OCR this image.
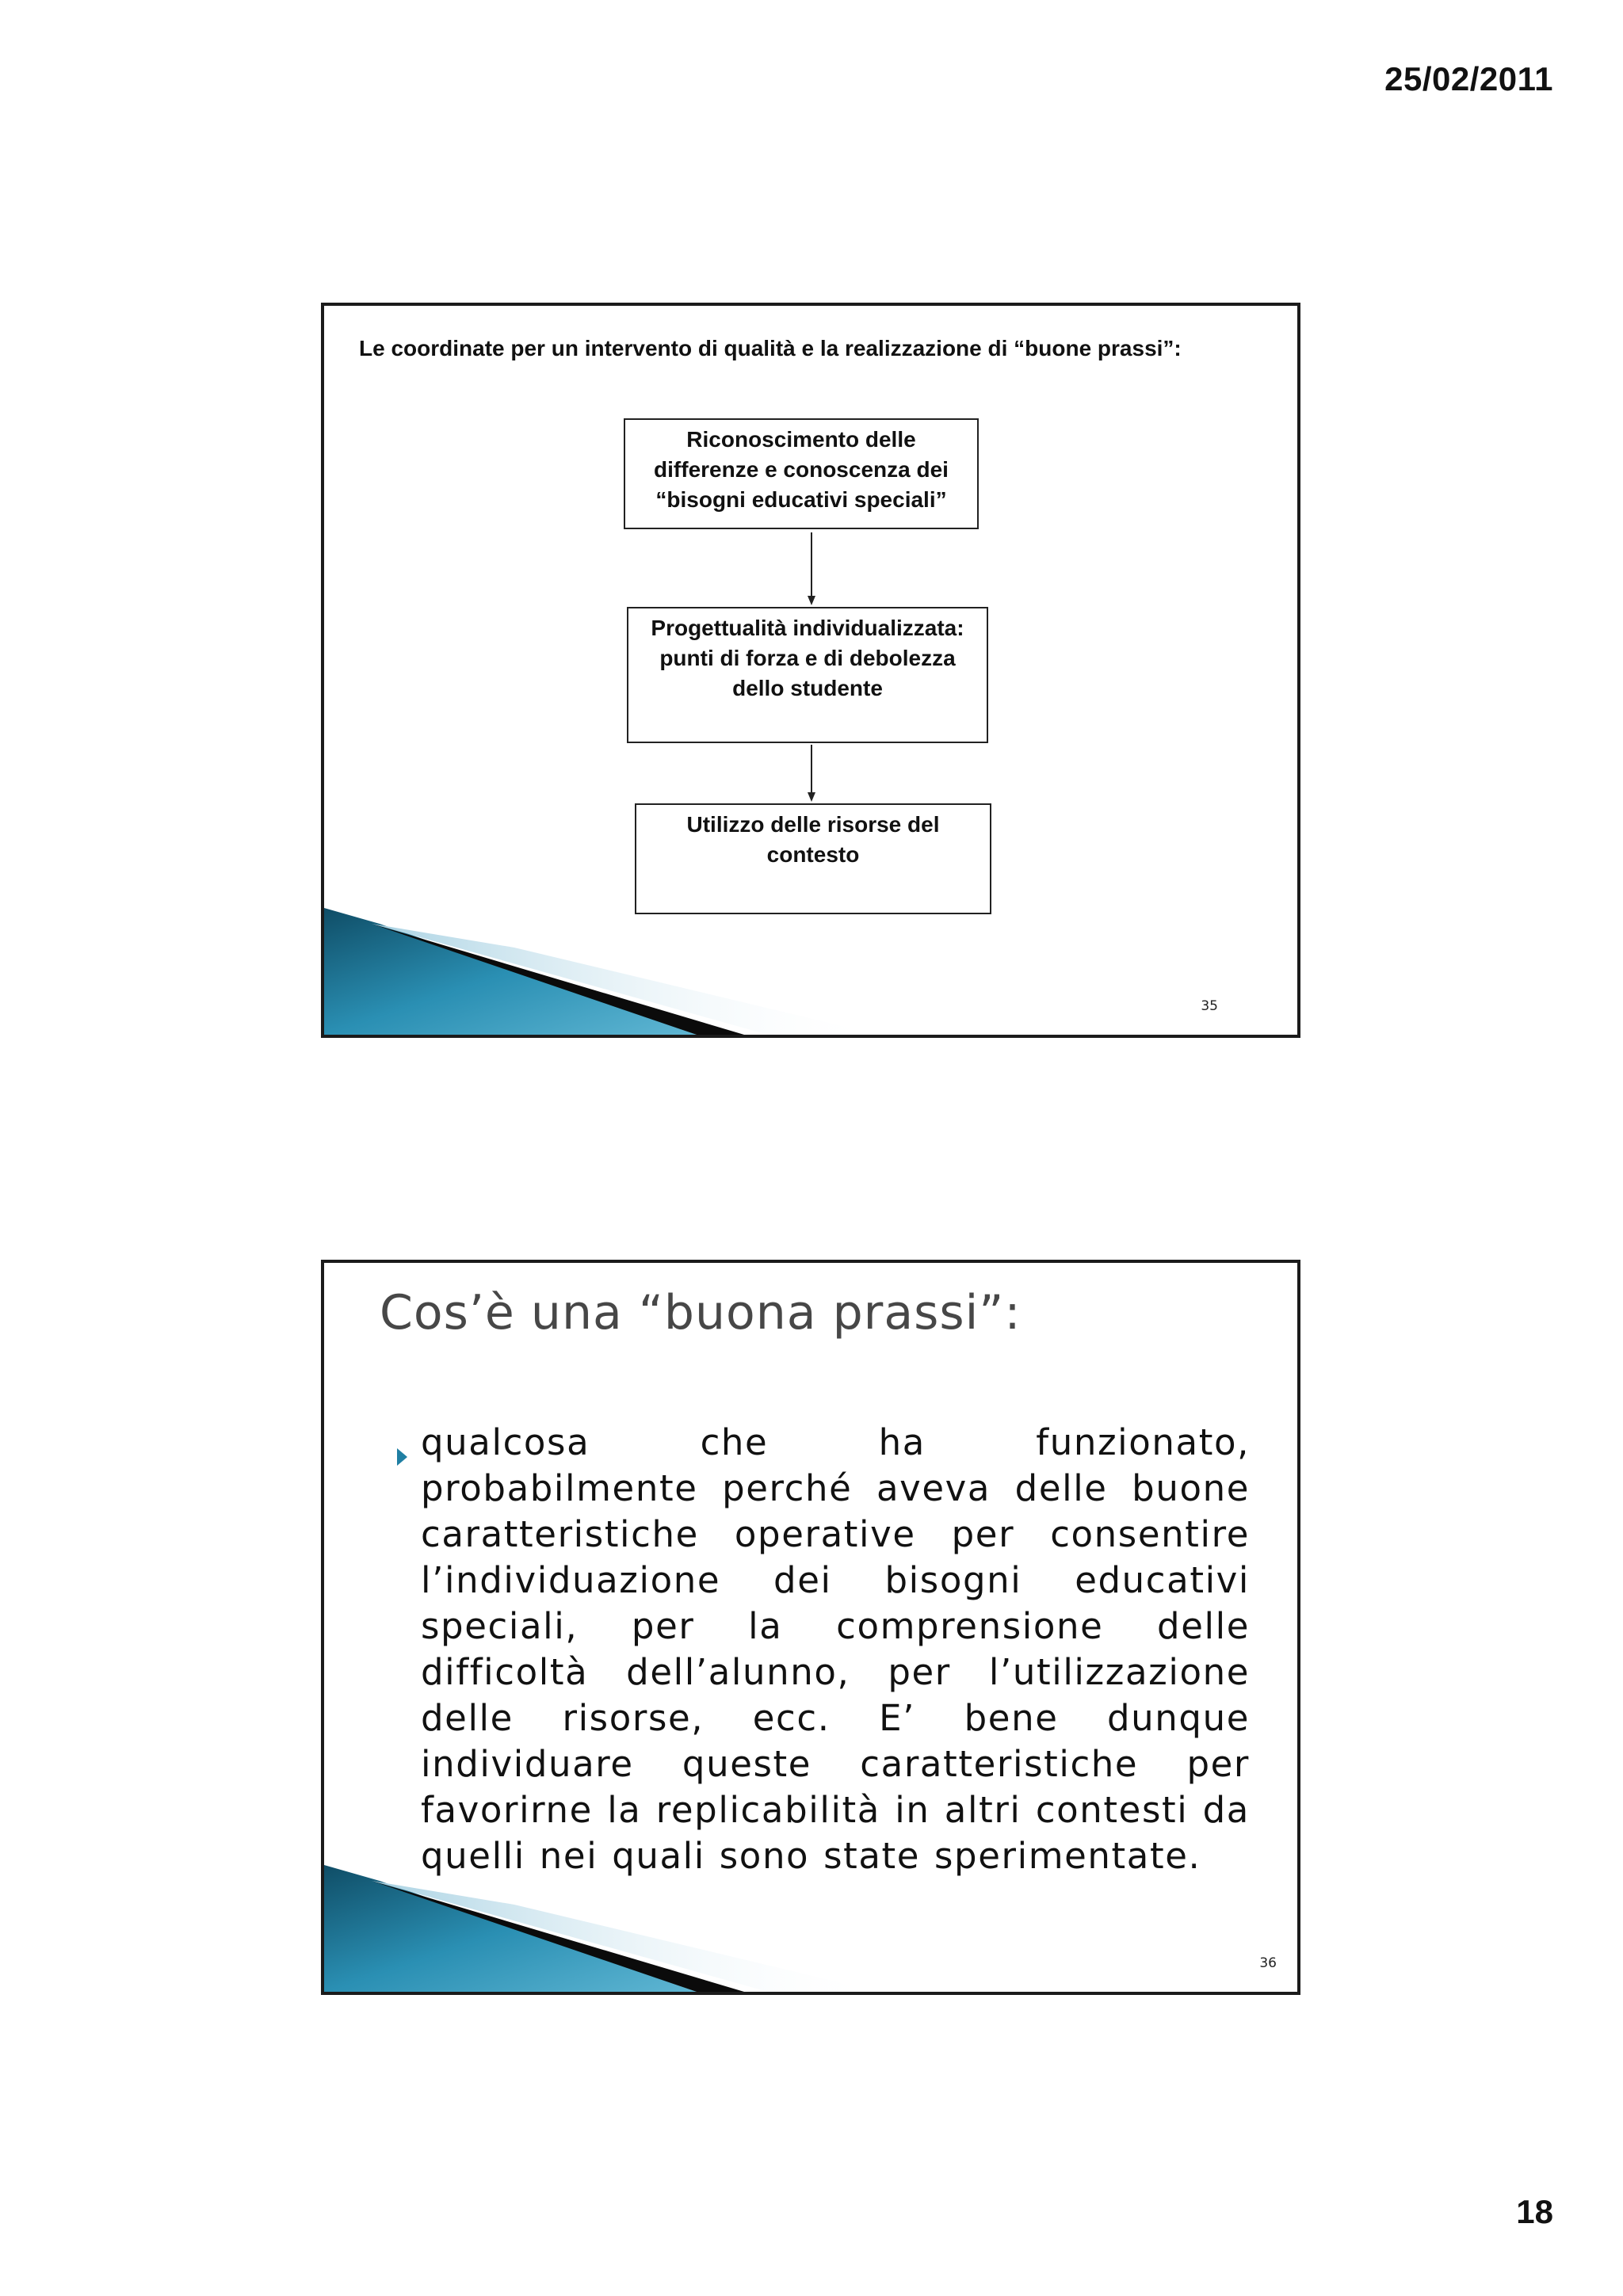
25/02/2011
Le coordinate per un intervento di qualità e la realizzazione di “buone prassi”:
Riconoscimento delle differenze e conoscenza dei “bisogni educativi speciali”
Progettualità individualizzata: punti di forza e di debolezza dello studente
Utilizzo delle risorse del contesto
35
Cos’è una “buona prassi”:
qualcosa che ha funzionato, probabilmente perché aveva delle buone caratteristiche operative per consentire l’individuazione dei bisogni educativi speciali, per la comprensione delle difficoltà dell’alunno, per l’utilizzazione delle risorse, ecc. E’ bene dunque individuare queste caratteristiche per favorirne la replicabilità in altri contesti da quelli nei quali sono state sperimentate.
36
18
